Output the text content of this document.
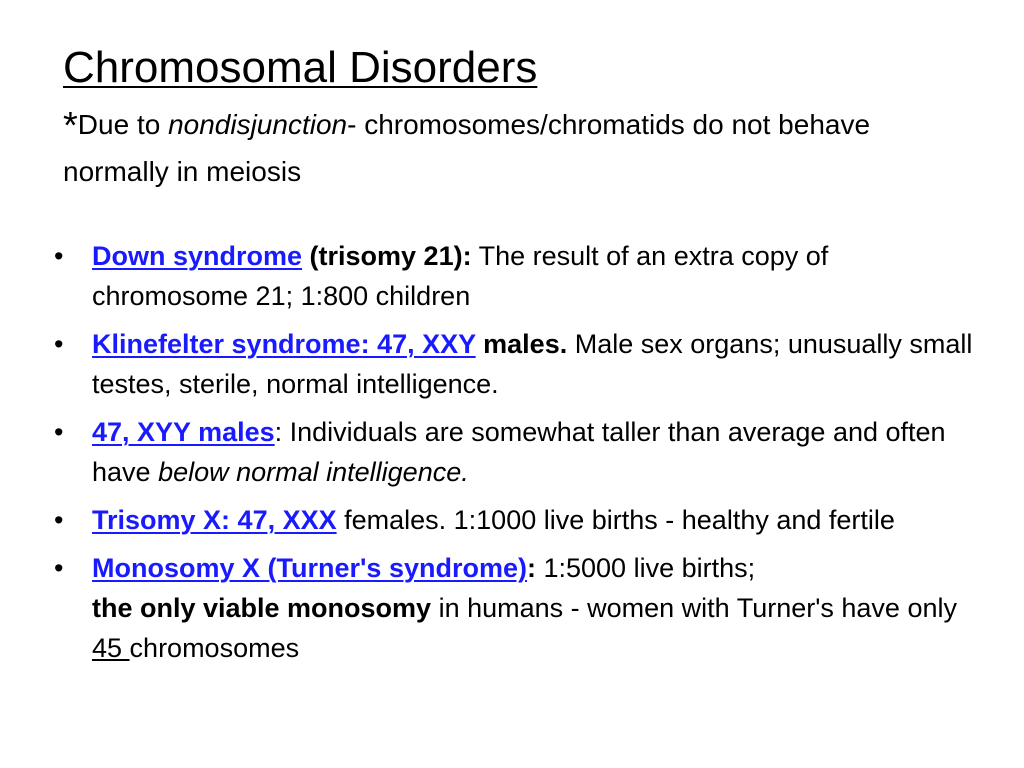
Chromosomal Disorders
*Due to nondisjunction- chromosomes/chromatids do not behave normally in meiosis
•	Down syndrome (trisomy 21): The result of an extra copy of chromosome 21; 1:800 children
•	Klinefelter syndrome: 47, XXY males. Male sex organs; unusually small testes, sterile, normal intelligence.
•	47, XYY males: Individuals are somewhat taller than average and often have below normal intelligence.
•	Trisomy X: 47, XXX females. 1:1000 live births - healthy and fertile
•	Monosomy X (Turner's syndrome): 1:5000 live births;
the only viable monosomy in humans - women with Turner's have only 45 chromosomes
